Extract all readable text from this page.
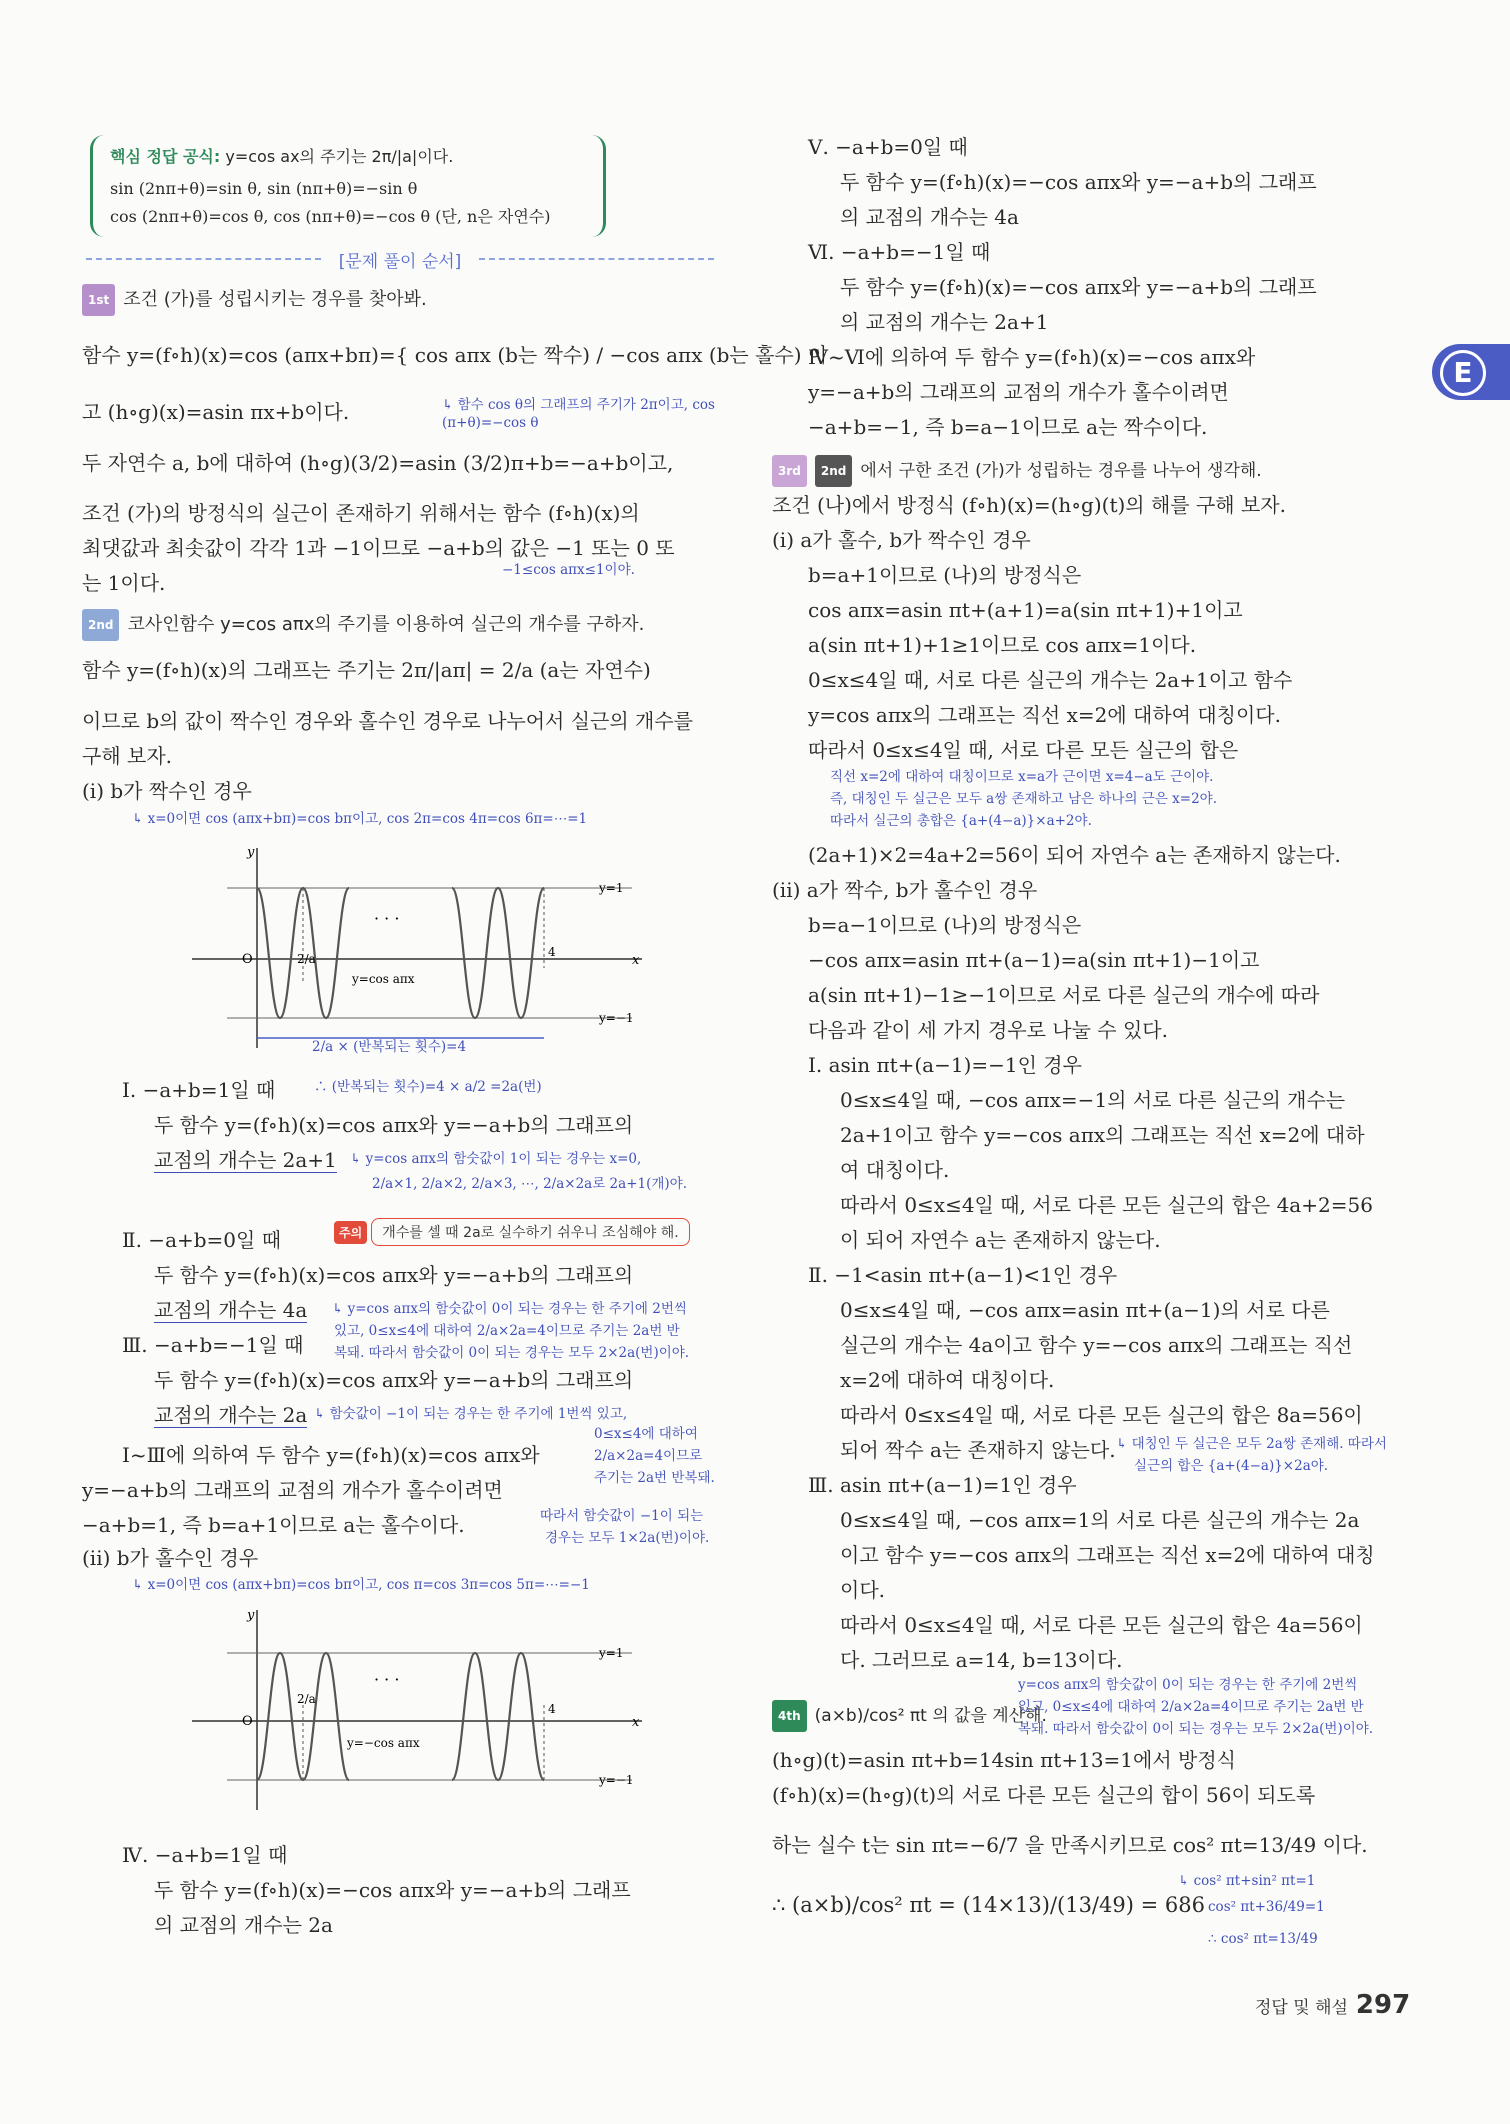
E
핵심 정답 공식: y=cos ax의 주기는 2π/|a|이다.
sin (2nπ+θ)=sin θ, sin (nπ+θ)=−sin θ
cos (2nπ+θ)=cos θ, cos (nπ+θ)=−cos θ (단, n은 자연수)
[문제 풀이 순서]
1st 조건 (가)를 성립시키는 경우를 찾아봐.
함수 y=(f∘h)(x)=cos (aπx+bπ)={ cos aπx (b는 짝수) / −cos aπx (b는 홀수) 이
고 (h∘g)(x)=asin πx+b이다.	↳ 함수 cos θ의 그래프의 주기가 2π이고, cos (π+θ)=−cos θ
두 자연수 a, b에 대하여 (h∘g)(3/2)=asin (3/2)π+b=−a+b이고,
조건 (가)의 방정식의 실근이 존재하기 위해서는 함수 (f∘h)(x)의
최댓값과 최솟값이 각각 1과 −1이므로 −a+b의 값은 −1 또는 0 또
−1≤cos aπx≤1이야.
는 1이다.
2nd 코사인함수 y=cos aπx의 주기를 이용하여 실근의 개수를 구하자.
함수 y=(f∘h)(x)의 그래프는 주기는 2π/|aπ| = 2/a (a는 자연수)
이므로 b의 값이 짝수인 경우와 홀수인 경우로 나누어서 실근의 개수를
구해 보자.
(i) b가 짝수인 경우
↳ x=0이면 cos (aπx+bπ)=cos bπ이고, cos 2π=cos 4π=cos 6π=⋯=1
y
x
O
y=1
y=−1
2/a	4
· · ·
y=cos aπx
2/a × (반복되는 횟수)=4
Ⅰ. −a+b=1일 때	∴ (반복되는 횟수)=4 × a/2 =2a(번)
두 함수 y=(f∘h)(x)=cos aπx와 y=−a+b의 그래프의
교점의 개수는 2a+1 ↳ y=cos aπx의 함숫값이 1이 되는 경우는 x=0,
2/a×1, 2/a×2, 2/a×3, ⋯, 2/a×2a로 2a+1(개)야.
Ⅱ. −a+b=0일 때
두 함수 y=(f∘h)(x)=cos aπx와 y=−a+b의 그래프의
교점의 개수는 4a ↳ y=cos aπx의 함숫값이 0이 되는 경우는 한 주기에 2번씩
있고, 0≤x≤4에 대하여 2/a×2a=4이므로 주기는 2a번 반
복돼. 따라서 함숫값이 0이 되는 경우는 모두 2×2a(번)이야.
Ⅲ. −a+b=−1일 때
두 함수 y=(f∘h)(x)=cos aπx와 y=−a+b의 그래프의
교점의 개수는 2a ↳ 함숫값이 −1이 되는 경우는 한 주기에 1번씩 있고,
Ⅰ~Ⅲ에 의하여 두 함수 y=(f∘h)(x)=cos aπx와
0≤x≤4에 대하여
2/a×2a=4이므로
주기는 2a번 반복돼.
y=−a+b의 그래프의 교점의 개수가 홀수이려면
−a+b=1, 즉 b=a+1이므로 a는 홀수이다.	따라서 함숫값이 −1이 되는
경우는 모두 1×2a(번)이야.
(ii) b가 홀수인 경우
↳ x=0이면 cos (aπx+bπ)=cos bπ이고, cos π=cos 3π=cos 5π=⋯=−1
y
x
O
y=1
y=−1
2/a
4
· · ·
y=−cos aπx
Ⅳ. −a+b=1일 때
두 함수 y=(f∘h)(x)=−cos aπx와 y=−a+b의 그래프
의 교점의 개수는 2a
주의 개수를 셀 때 2a로 실수하기 쉬우니 조심해야 해.
Ⅴ. −a+b=0일 때
두 함수 y=(f∘h)(x)=−cos aπx와 y=−a+b의 그래프
의 교점의 개수는 4a
Ⅵ. −a+b=−1일 때
두 함수 y=(f∘h)(x)=−cos aπx와 y=−a+b의 그래프
의 교점의 개수는 2a+1
Ⅳ~Ⅵ에 의하여 두 함수 y=(f∘h)(x)=−cos aπx와
y=−a+b의 그래프의 교점의 개수가 홀수이려면
−a+b=−1, 즉 b=a−1이므로 a는 짝수이다.
3rd 2nd 에서 구한 조건 (가)가 성립하는 경우를 나누어 생각해.
조건 (나)에서 방정식 (f∘h)(x)=(h∘g)(t)의 해를 구해 보자.
(i) a가 홀수, b가 짝수인 경우
b=a+1이므로 (나)의 방정식은
cos aπx=asin πt+(a+1)=a(sin πt+1)+1이고
a(sin πt+1)+1≥1이므로 cos aπx=1이다.
0≤x≤4일 때, 서로 다른 실근의 개수는 2a+1이고 함수
y=cos aπx의 그래프는 직선 x=2에 대하여 대칭이다.
따라서 0≤x≤4일 때, 서로 다른 모든 실근의 합은
직선 x=2에 대하여 대칭이므로 x=a가 근이면 x=4−a도 근이야.
즉, 대칭인 두 실근은 모두 a쌍 존재하고 남은 하나의 근은 x=2야.
따라서 실근의 총합은 {a+(4−a)}×a+2야.
(2a+1)×2=4a+2=56이 되어 자연수 a는 존재하지 않는다.
(ii) a가 짝수, b가 홀수인 경우
b=a−1이므로 (나)의 방정식은
−cos aπx=asin πt+(a−1)=a(sin πt+1)−1이고
a(sin πt+1)−1≥−1이므로 서로 다른 실근의 개수에 따라
다음과 같이 세 가지 경우로 나눌 수 있다.
Ⅰ. asin πt+(a−1)=−1인 경우
0≤x≤4일 때, −cos aπx=−1의 서로 다른 실근의 개수는
2a+1이고 함수 y=−cos aπx의 그래프는 직선 x=2에 대하
여 대칭이다.
따라서 0≤x≤4일 때, 서로 다른 모든 실근의 합은 4a+2=56
이 되어 자연수 a는 존재하지 않는다.
Ⅱ. −1<asin πt+(a−1)<1인 경우
0≤x≤4일 때, −cos aπx=asin πt+(a−1)의 서로 다른
실근의 개수는 4a이고 함수 y=−cos aπx의 그래프는 직선
x=2에 대하여 대칭이다.
따라서 0≤x≤4일 때, 서로 다른 모든 실근의 합은 8a=56이
되어 짝수 a는 존재하지 않는다. ↳ 대칭인 두 실근은 모두 2a쌍 존재해. 따라서
실근의 합은 {a+(4−a)}×2a야.
Ⅲ. asin πt+(a−1)=1인 경우
0≤x≤4일 때, −cos aπx=1의 서로 다른 실근의 개수는 2a
이고 함수 y=−cos aπx의 그래프는 직선 x=2에 대하여 대칭
이다.
따라서 0≤x≤4일 때, 서로 다른 모든 실근의 합은 4a=56이
다. 그러므로 a=14, b=13이다.
y=cos aπx의 함숫값이 0이 되는 경우는 한 주기에 2번씩
있고, 0≤x≤4에 대하여 2/a×2a=4이므로 주기는 2a번 반
복돼. 따라서 함숫값이 0이 되는 경우는 모두 2×2a(번)이야.
4th (a×b)/cos² πt 의 값을 계산해.
(h∘g)(t)=asin πt+b=14sin πt+13=1에서 방정식
(f∘h)(x)=(h∘g)(t)의 서로 다른 모든 실근의 합이 56이 되도록
하는 실수 t는 sin πt=−6/7 을 만족시키므로 cos² πt=13/49 이다.
↳ cos² πt+sin² πt=1
cos² πt+36/49=1
∴ cos² πt=13/49
∴ (a×b)/cos² πt = (14×13)/(13/49) = 686
정답 및 해설 297
